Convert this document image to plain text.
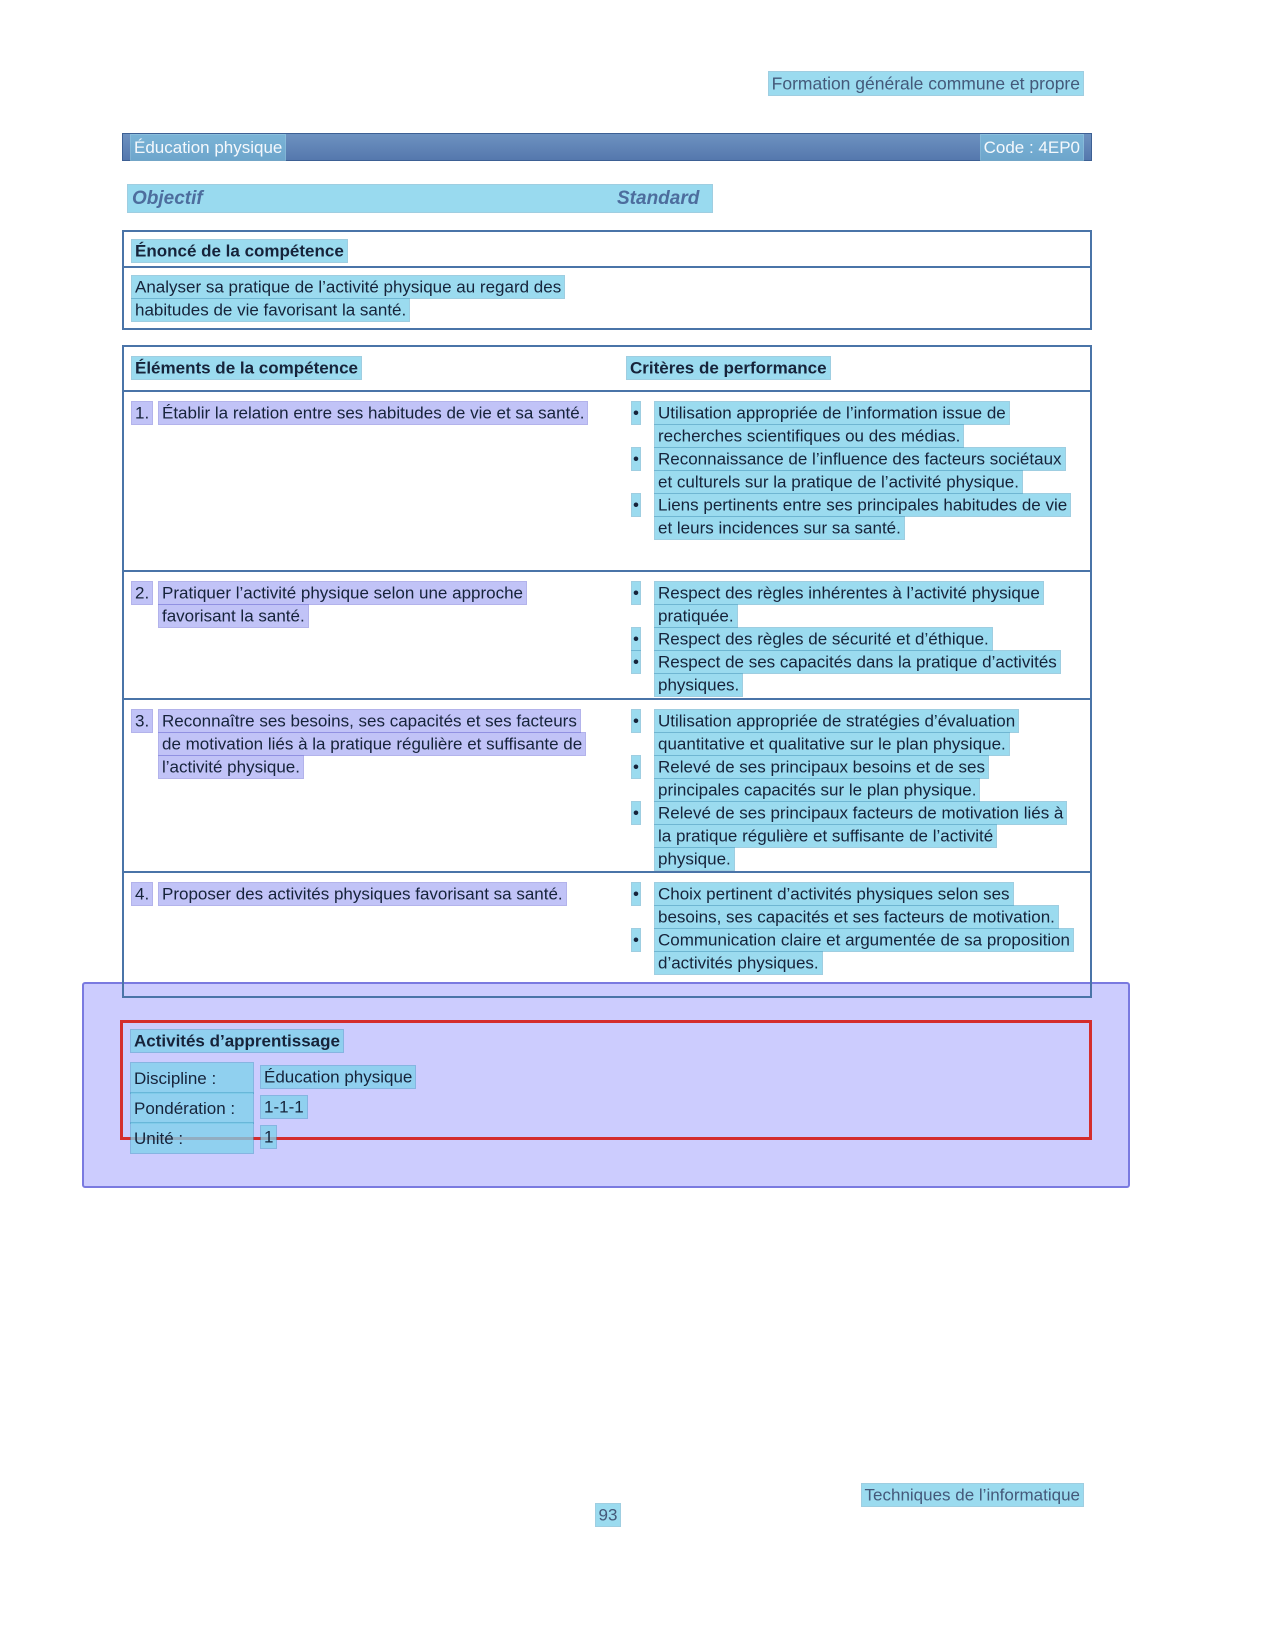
Formation générale commune et propre
Éducation physique	Code : 4EP0
Objectif	Standard
Énoncé de la compétence
Analyser sa pratique de l’activité physique au regard des habitudes de vie favorisant la santé.
Éléments de la compétence	Critères de performance
1. Établir la relation entre ses habitudes de vie et sa santé.	•	Utilisation appropriée de l’information issue de recherches scientifiques ou des médias.
•	Reconnaissance de l’influence des facteurs sociétaux et culturels sur la pratique de l’activité physique.
•	Liens pertinents entre ses principales habitudes de vie et leurs incidences sur sa santé.
2. Pratiquer l’activité physique selon une approche favorisant la santé.
•	Respect des règles inhérentes à l’activité physique pratiquée.
•	Respect des règles de sécurité et d’éthique.
•	Respect de ses capacités dans la pratique d’activités physiques.
3. Reconnaître ses besoins, ses capacités et ses facteurs de motivation liés à la pratique régulière et suffisante de l’activité physique.
•	Utilisation appropriée de stratégies d’évaluation quantitative et qualitative sur le plan physique.
•	Relevé de ses principaux besoins et de ses principales capacités sur le plan physique.
•	Relevé de ses principaux facteurs de motivation liés à la pratique régulière et suffisante de l’activité physique.
4. Proposer des activités physiques favorisant sa santé.	•	Choix pertinent d’activités physiques selon ses besoins, ses capacités et ses facteurs de motivation.
•	Communication claire et argumentée de sa proposition d’activités physiques.
Activités d’apprentissage
Discipline :	Éducation physique
Pondération :	1-1-1
Unité :	1
Techniques de l’informatique
93
